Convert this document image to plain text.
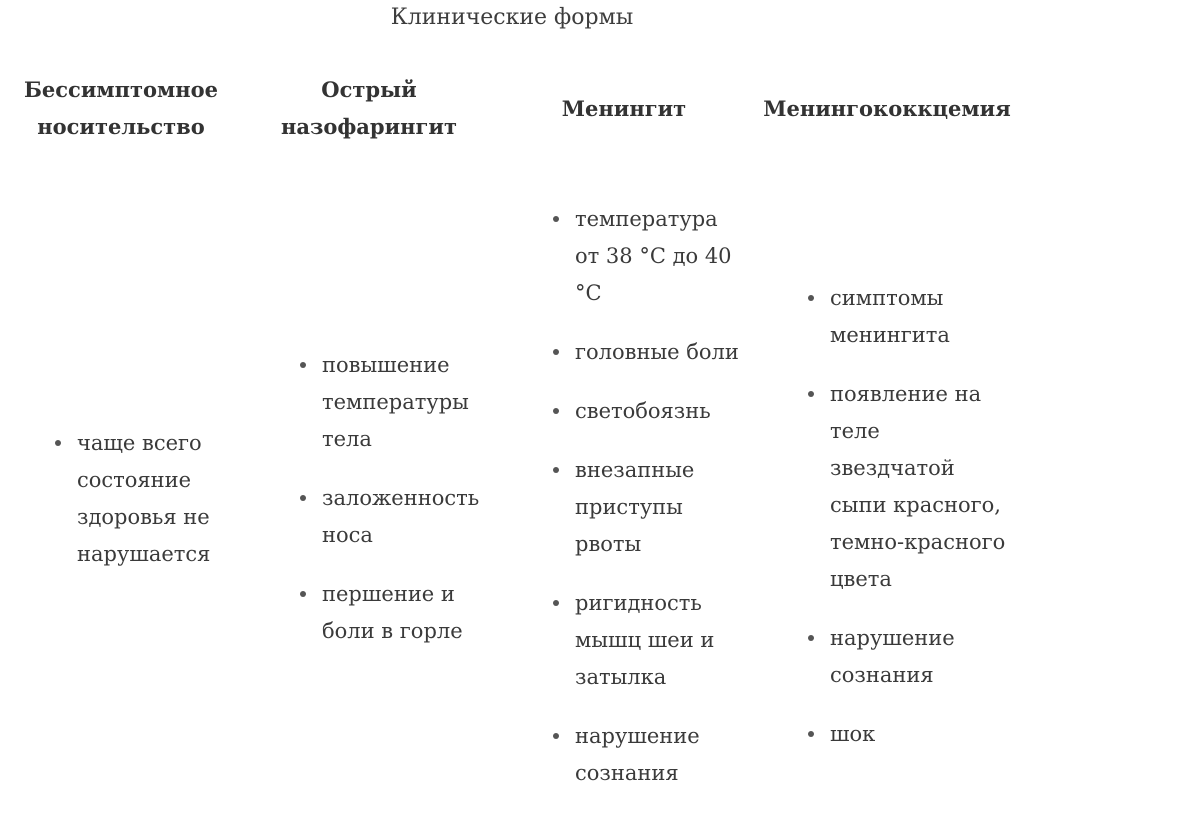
Клинические формы
Бессимптомное
носительство
Острый
назофарингит
Менингит	Менингококкцемия
чаще всего состояние здоровья не нарушается
повышение температуры тела
заложенность носа
першение и боли в горле
температура от 38 °С до 40 °С
головные боли
светобоязнь
внезапные приступы рвоты
ригидность мышц шеи и затылка
нарушение сознания
симптомы менингита
появление на теле звездчатой сыпи красного, темно-красного цвета
нарушение сознания
шок
